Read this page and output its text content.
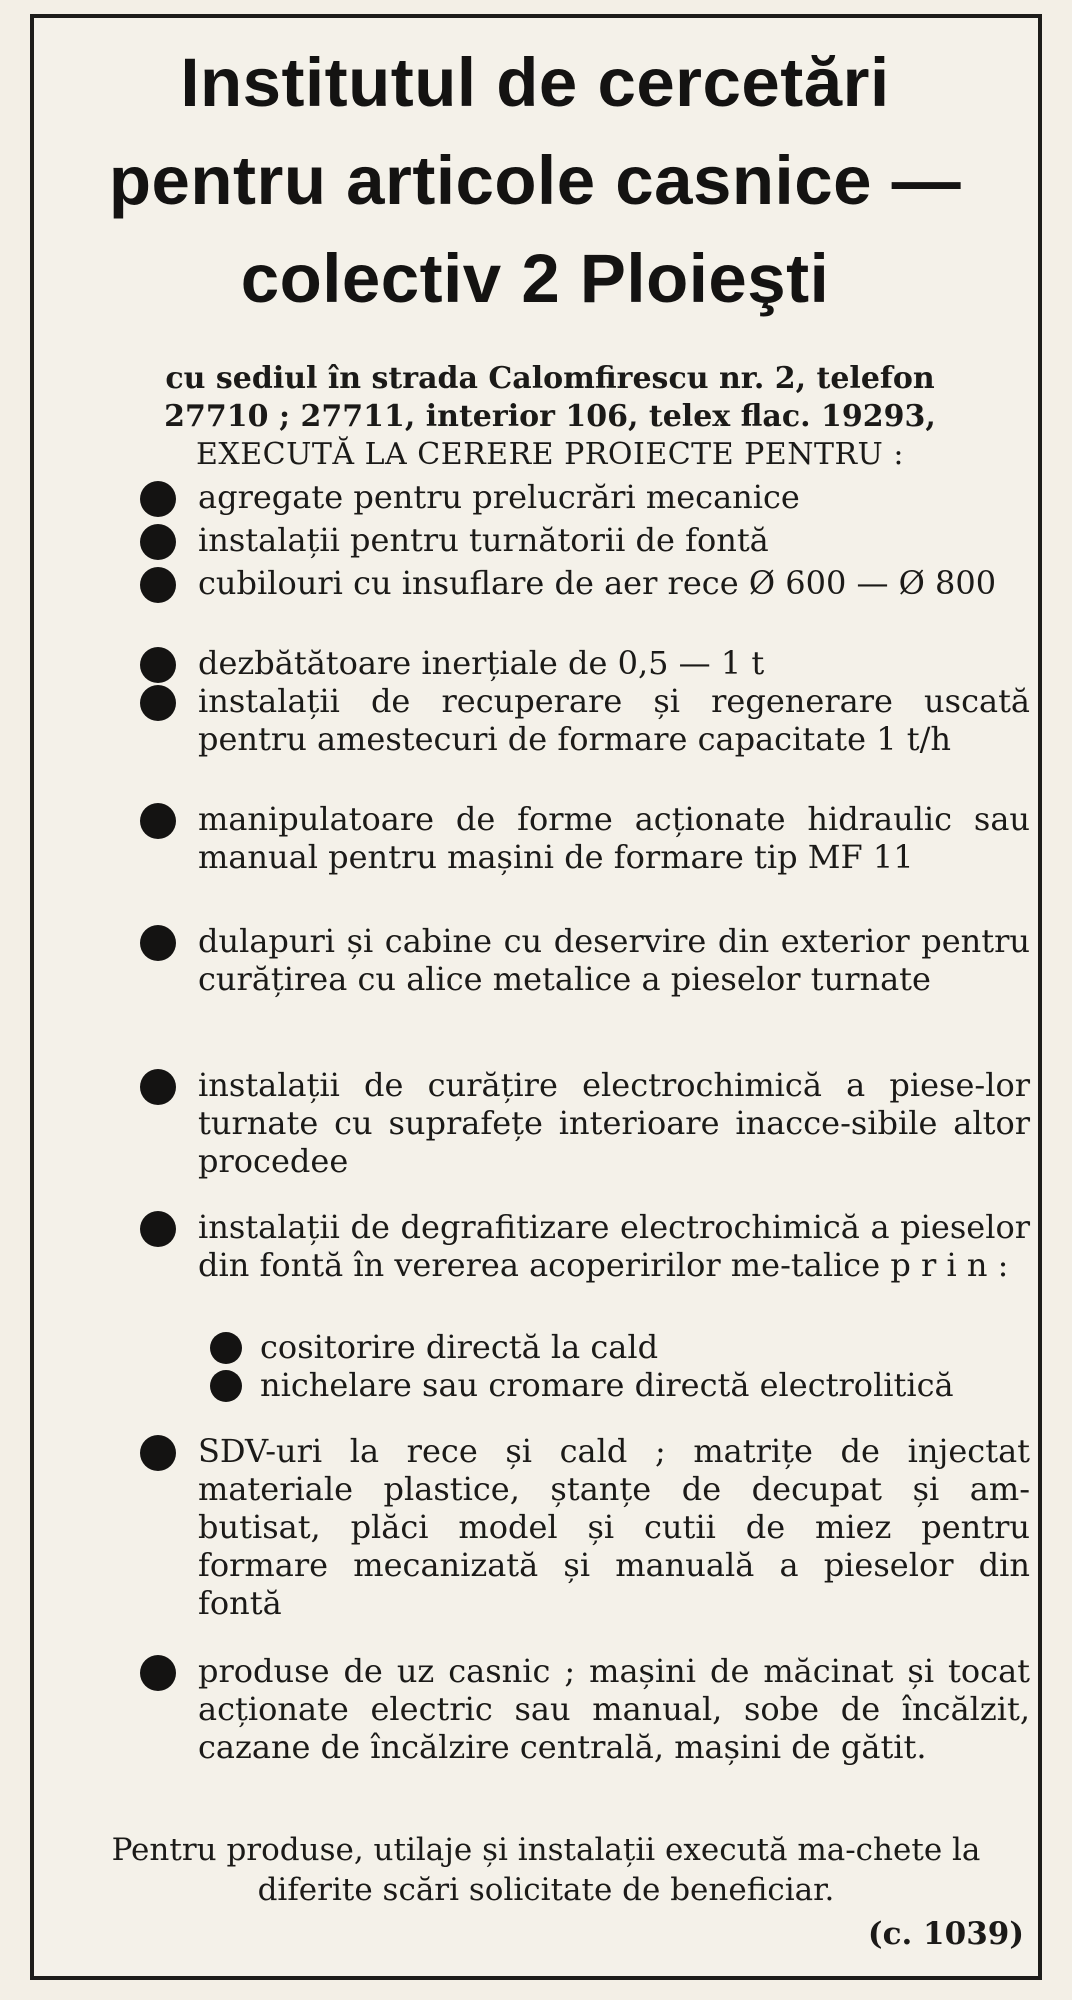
Institutul de cercetări
pentru articole casnice —
colectiv 2 Ploieşti
cu sediul în strada Calomfirescu nr. 2, telefon
27710 ; 27711, interior 106, telex flac. 19293,
EXECUTĂ LA CERERE PROIECTE PENTRU :
agregate pentru prelucrări mecanice
instalații pentru turnătorii de fontă
cubilouri cu insuflare de aer rece Ø 600 — Ø 800
dezbătătoare inerțiale de 0,5 — 1 t
instalații de recuperare și regenerare uscată pentru amestecuri de formare capacitate 1 t/h
manipulatoare de forme acționate hidraulic sau manual pentru mașini de formare tip MF 11
dulapuri și cabine cu deservire din exterior pentru curățirea cu alice metalice a pieselor turnate
instalații de curățire electrochimică a piese-lor turnate cu suprafețe interioare inacce-sibile altor procedee
instalații de degrafitizare electrochimică a pieselor din fontă în vererea acoperirilor me-talice p r i n :
cositorire directă la cald
nichelare sau cromare directă electrolitică
SDV-uri la rece și cald ; matrițe de injectat materiale plastice, ștanțe de decupat și am-butisat, plăci model și cutii de miez pentru formare mecanizată și manuală a pieselor din fontă
produse de uz casnic ; mașini de măcinat și tocat acționate electric sau manual, sobe de încălzit, cazane de încălzire centrală, mașini de gătit.
Pentru produse, utilaje și instalații execută ma-chete la diferite scări solicitate de beneficiar.
(c. 1039)
